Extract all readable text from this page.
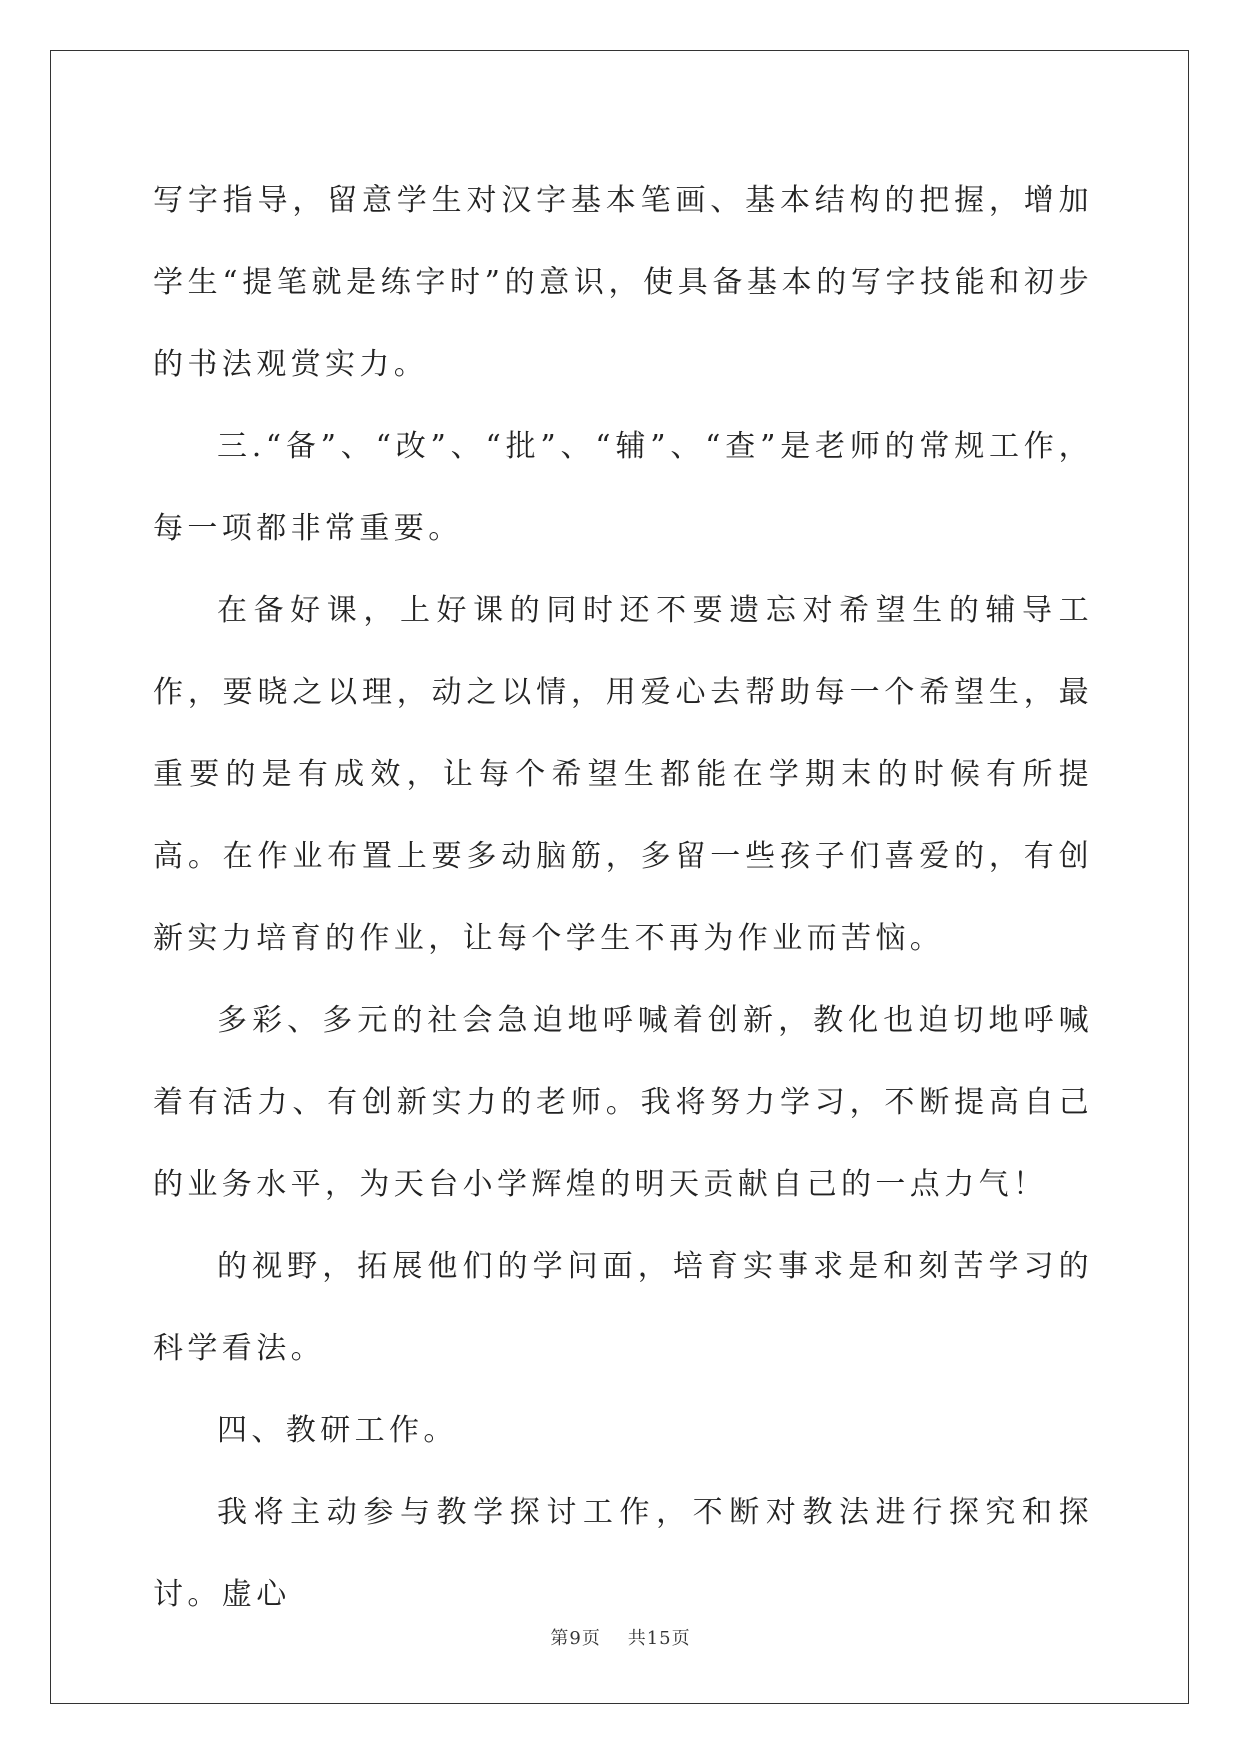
写字指导，留意学生对汉字基本笔画、基本结构的把握，增加学生“提笔就是练字时”的意识，使具备基本的写字技能和初步的书法观赏实力。

三.“备”、“改”、“批”、“辅”、“查”是老师的常规工作，每一项都非常重要。

在备好课，上好课的同时还不要遗忘对希望生的辅导工作，要晓之以理，动之以情，用爱心去帮助每一个希望生，最重要的是有成效，让每个希望生都能在学期末的时候有所提高。在作业布置上要多动脑筋，多留一些孩子们喜爱的，有创新实力培育的作业，让每个学生不再为作业而苦恼。

多彩、多元的社会急迫地呼喊着创新，教化也迫切地呼喊着有活力、有创新实力的老师。我将努力学习，不断提高自己的业务水平，为天台小学辉煌的明天贡献自己的一点力气！

的视野，拓展他们的学问面，培育实事求是和刻苦学习的科学看法。

四、教研工作。

我将主动参与教学探讨工作，不断对教法进行探究和探讨。虚心

第9页 共15页
